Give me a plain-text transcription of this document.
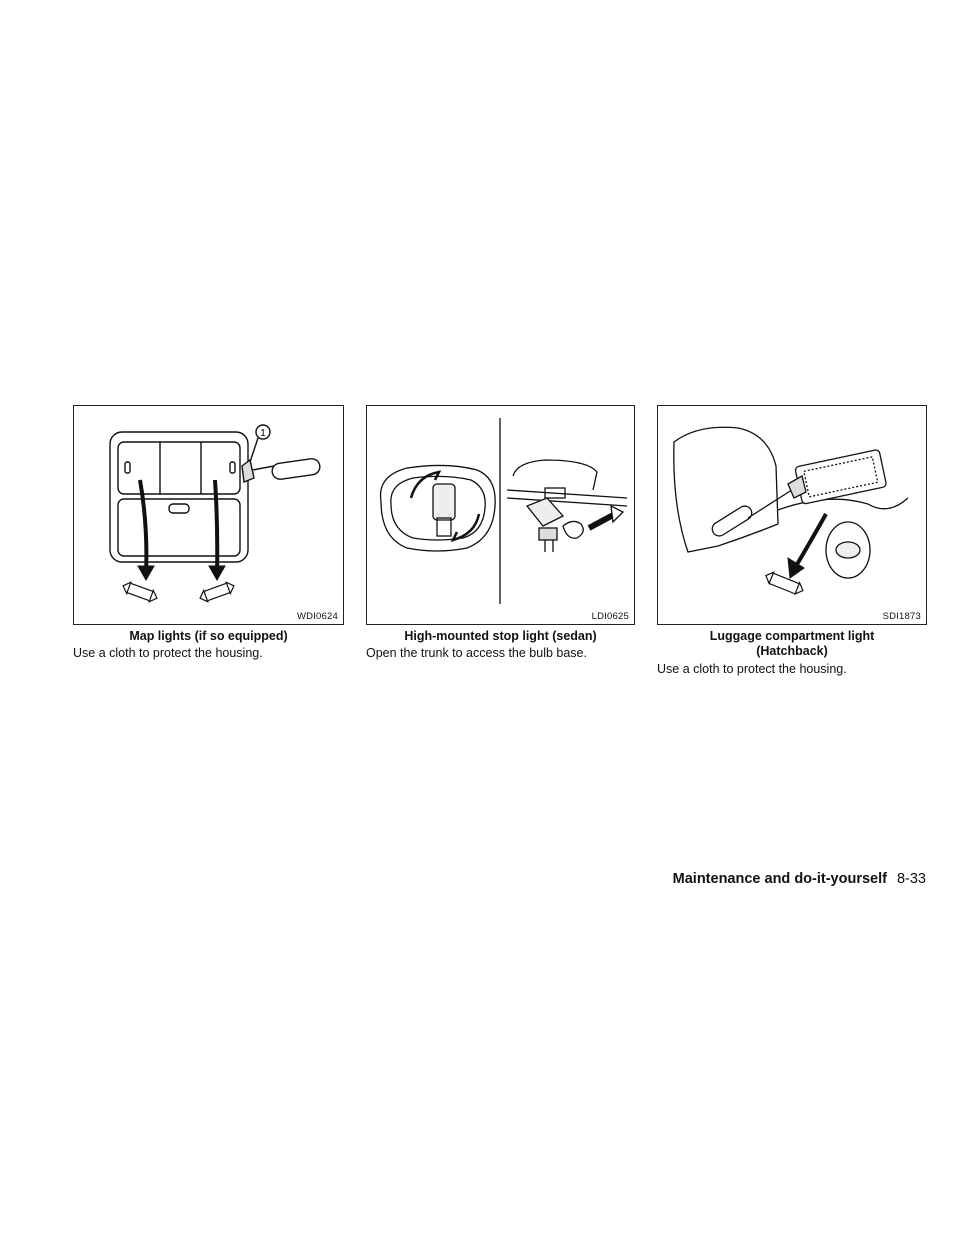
1
WDI0624	LDI0625	SDI1873
Map lights (if so equipped)	High-mounted stop light (sedan)	Luggage compartment light
(Hatchback)
Use a cloth to protect the housing.	Open the trunk to access the bulb base.
Use a cloth to protect the housing.
Maintenance and do-it-yourself 8-33
